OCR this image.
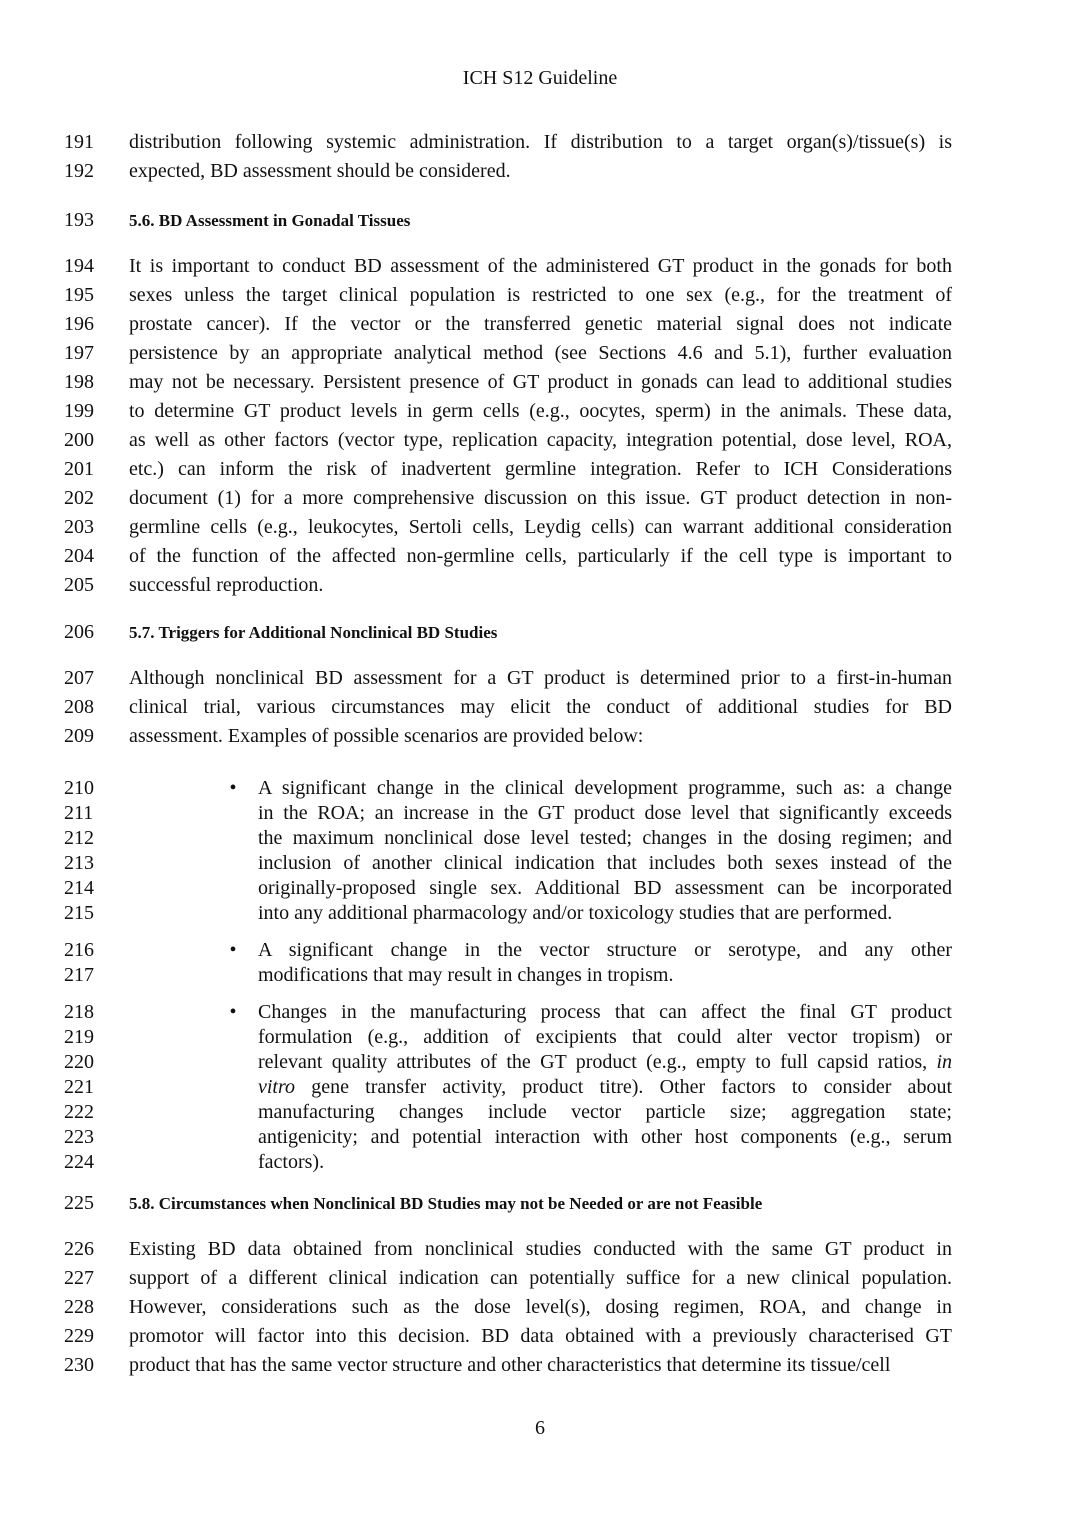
ICH S12 Guideline
191	distribution following systemic administration. If distribution to a target organ(s)/tissue(s) is
192	expected, BD assessment should be considered.
193	5.6. BD Assessment in Gonadal Tissues
194	It is important to conduct BD assessment of the administered GT product in the gonads for both
195	sexes unless the target clinical population is restricted to one sex (e.g., for the treatment of
196	prostate cancer). If the vector or the transferred genetic material signal does not indicate
197	persistence by an appropriate analytical method (see Sections 4.6 and 5.1), further evaluation
198	may not be necessary. Persistent presence of GT product in gonads can lead to additional studies
199	to determine GT product levels in germ cells (e.g., oocytes, sperm) in the animals. These data,
200	as well as other factors (vector type, replication capacity, integration potential, dose level, ROA,
201	etc.) can inform the risk of inadvertent germline integration. Refer to ICH Considerations
202	document (1) for a more comprehensive discussion on this issue. GT product detection in non-
203	germline cells (e.g., leukocytes, Sertoli cells, Leydig cells) can warrant additional consideration
204	of the function of the affected non-germline cells, particularly if the cell type is important to
205	successful reproduction.
206	5.7. Triggers for Additional Nonclinical BD Studies
207	Although nonclinical BD assessment for a GT product is determined prior to a first-in-human
208	clinical trial, various circumstances may elicit the conduct of additional studies for BD
209	assessment. Examples of possible scenarios are provided below:
•
210	A significant change in the clinical development programme, such as: a change
211	in the ROA; an increase in the GT product dose level that significantly exceeds
212	the maximum nonclinical dose level tested; changes in the dosing regimen; and
213	inclusion of another clinical indication that includes both sexes instead of the
214	originally-proposed single sex. Additional BD assessment can be incorporated
215	into any additional pharmacology and/or toxicology studies that are performed.
•
216	A significant change in the vector structure or serotype, and any other
217	modifications that may result in changes in tropism.
•
218	Changes in the manufacturing process that can affect the final GT product
219	formulation (e.g., addition of excipients that could alter vector tropism) or
220	relevant quality attributes of the GT product (e.g., empty to full capsid ratios, in
221	vitro gene transfer activity, product titre). Other factors to consider about
222	manufacturing changes include vector particle size; aggregation state;
223	antigenicity; and potential interaction with other host components (e.g., serum
224	factors).
225	5.8. Circumstances when Nonclinical BD Studies may not be Needed or are not Feasible
226	Existing BD data obtained from nonclinical studies conducted with the same GT product in
227	support of a different clinical indication can potentially suffice for a new clinical population.
228	However, considerations such as the dose level(s), dosing regimen, ROA, and change in
229	promotor will factor into this decision. BD data obtained with a previously characterised GT
230	product that has the same vector structure and other characteristics that determine its tissue/cell
6
